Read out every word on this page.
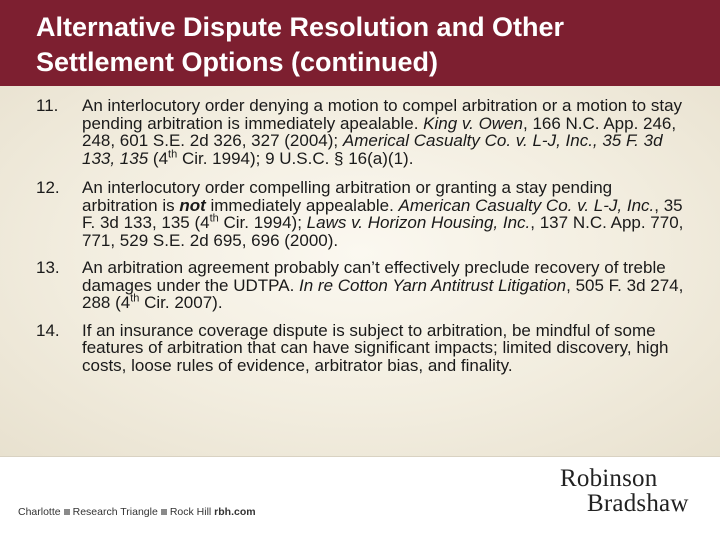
Alternative Dispute Resolution and Other
Settlement Options (continued)
11. An interlocutory order denying a motion to compel arbitration or a motion to stay pending arbitration is immediately apealable. King v. Owen, 166 N.C. App. 246, 248, 601 S.E. 2d 326, 327 (2004); Americal Casualty Co. v. L-J, Inc., 35 F. 3d 133, 135 (4th Cir. 1994); 9 U.S.C. § 16(a)(1).
12. An interlocutory order compelling arbitration or granting a stay pending arbitration is not immediately appealable. American Casualty Co. v. L-J, Inc., 35 F. 3d 133, 135 (4th Cir. 1994); Laws v. Horizon Housing, Inc., 137 N.C. App. 770, 771, 529 S.E. 2d 695, 696 (2000).
13. An arbitration agreement probably can’t effectively preclude recovery of treble damages under the UDTPA. In re Cotton Yarn Antitrust Litigation, 505 F. 3d 274, 288 (4th Cir. 2007).
14. If an insurance coverage dispute is subject to arbitration, be mindful of some features of arbitration that can have significant impacts; limited discovery, high costs, loose rules of evidence, arbitrator bias, and finality.
Charlotte Research Triangle Rock Hill rbh.com
Robinson
Bradshaw
